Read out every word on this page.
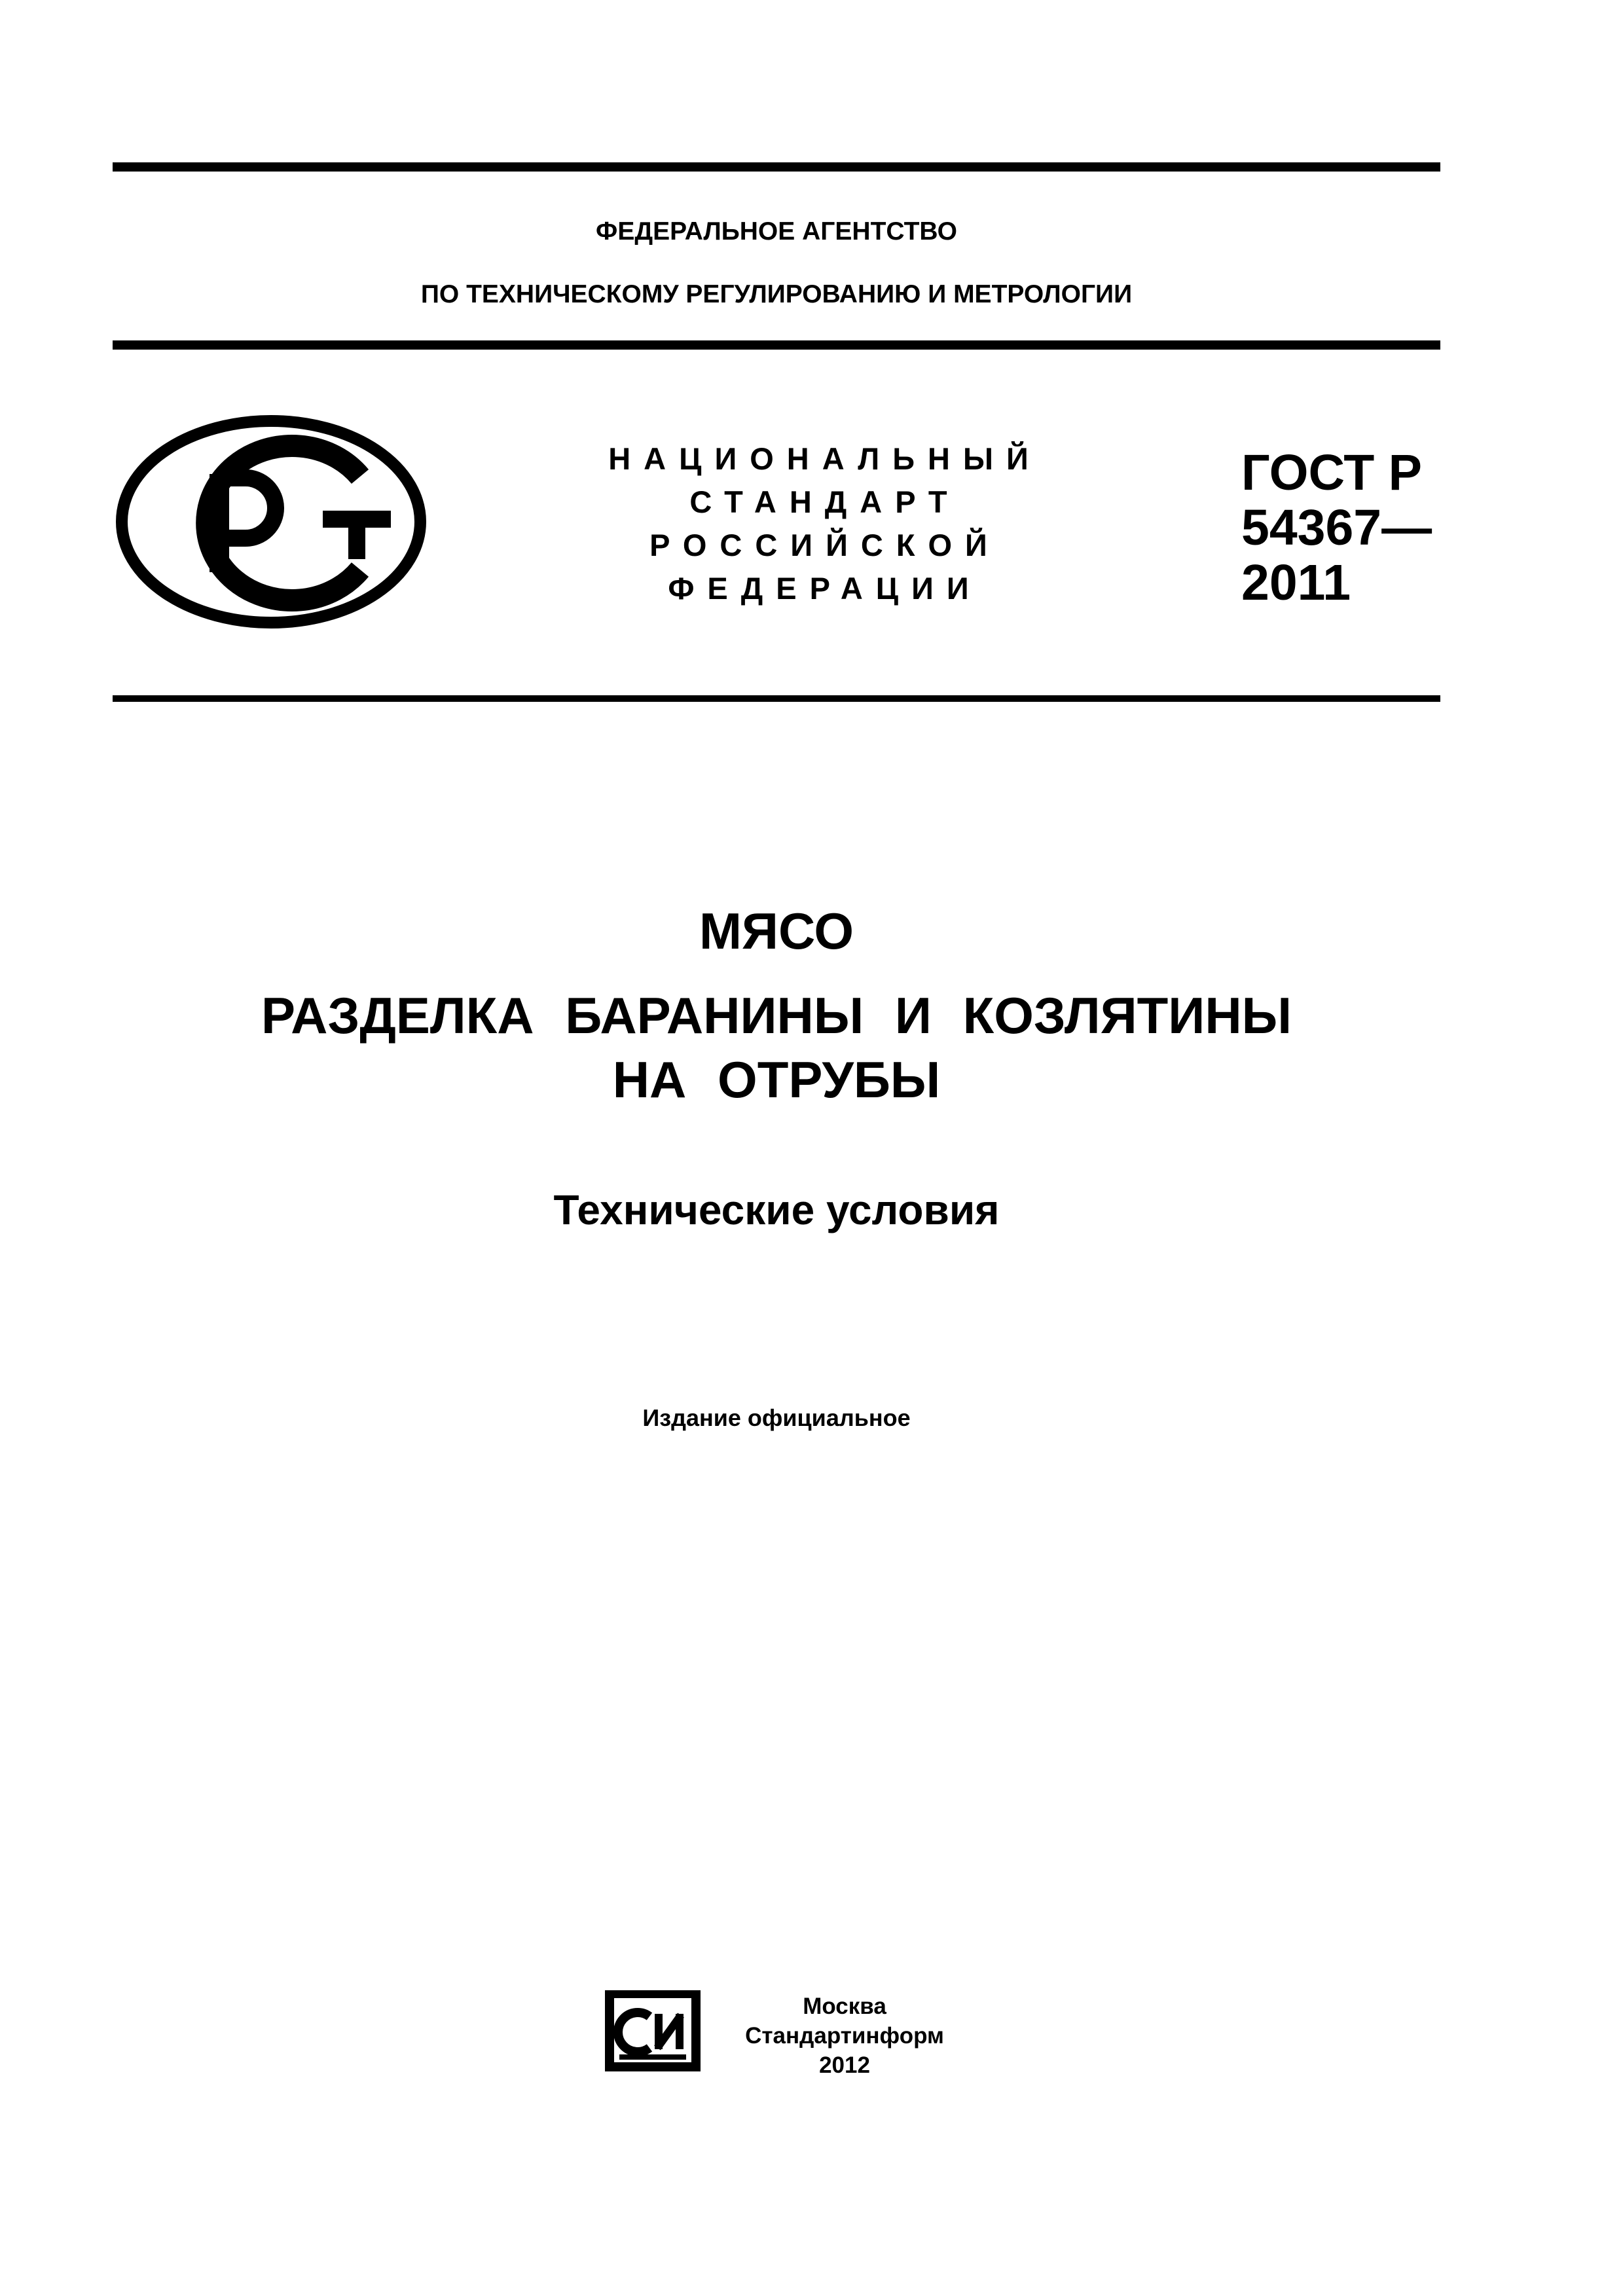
ФЕДЕРАЛЬНОЕ АГЕНТСТВО
ПО ТЕХНИЧЕСКОМУ РЕГУЛИРОВАНИЮ И МЕТРОЛОГИИ
НАЦИОНАЛЬНЫЙ
СТАНДАРТ
РОССИЙСКОЙ
ФЕДЕРАЦИИ
ГОСТ Р
54367—
2011
МЯСО
РАЗДЕЛКА БАРАНИНЫ И КОЗЛЯТИНЫ
НА ОТРУБЫ
Технические условия
Издание официальное
Москва
Стандартинформ
2012
